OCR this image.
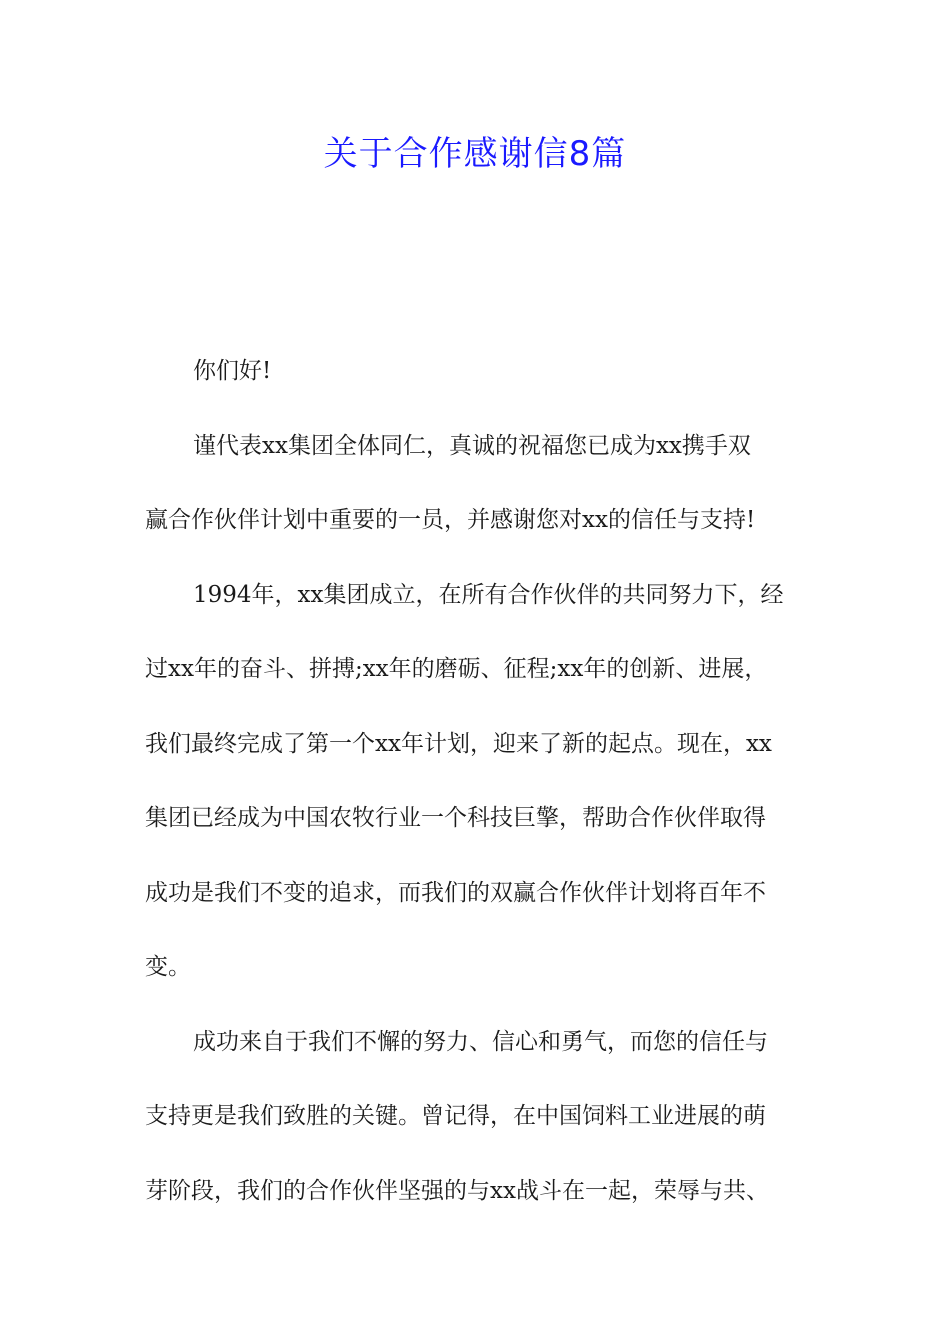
关于合作感谢信8篇
你们好!
谨代表xx集团全体同仁，真诚的祝福您已成为xx携手双
赢合作伙伴计划中重要的一员，并感谢您对xx的信任与支持!
1994年，xx集团成立，在所有合作伙伴的共同努力下，经
过xx年的奋斗、拼搏;xx年的磨砺、征程;xx年的创新、进展，
我们最终完成了第一个xx年计划，迎来了新的起点。现在，xx
集团已经成为中国农牧行业一个科技巨擎，帮助合作伙伴取得
成功是我们不变的追求，而我们的双赢合作伙伴计划将百年不
变。
成功来自于我们不懈的努力、信心和勇气，而您的信任与
支持更是我们致胜的关键。曾记得，在中国饲料工业进展的萌
芽阶段，我们的合作伙伴坚强的与xx战斗在一起，荣辱与共、
